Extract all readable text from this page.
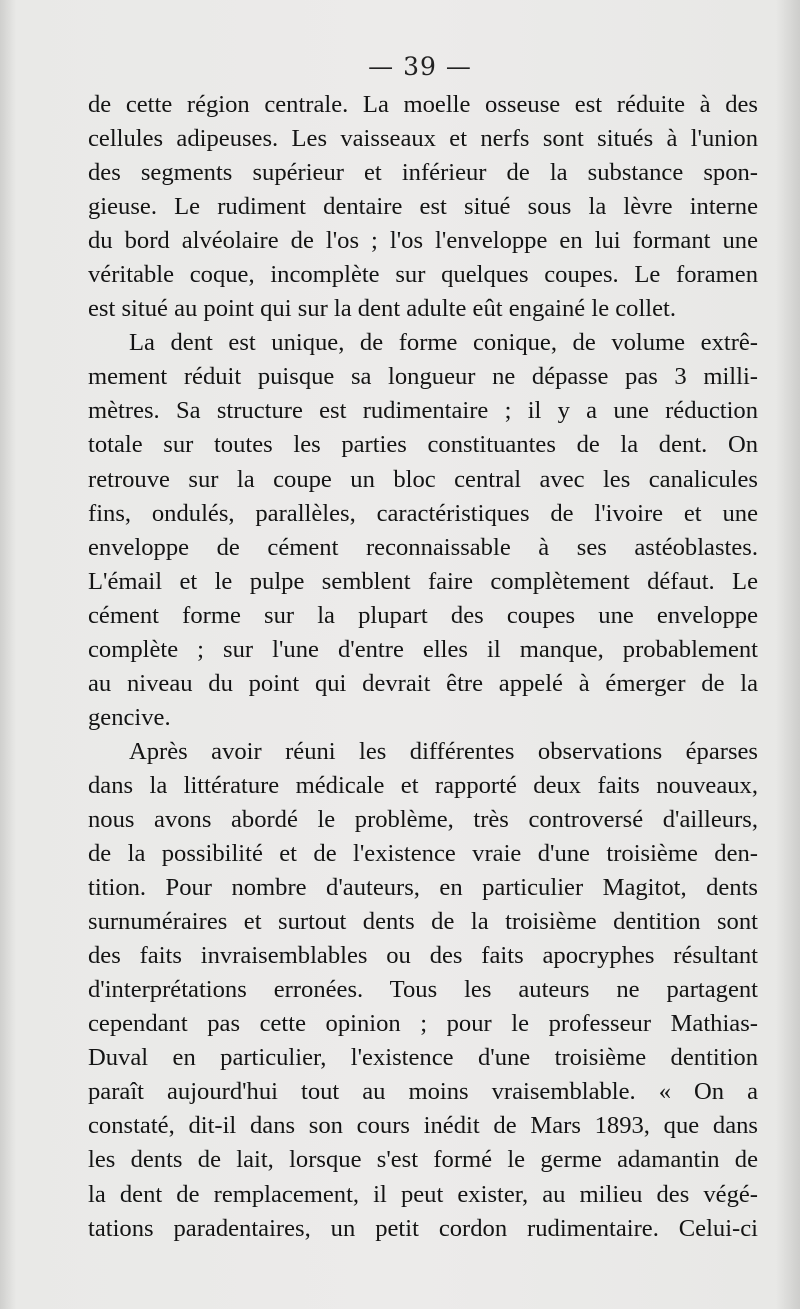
— 39 —
de cette région centrale. La moelle osseuse est réduite à des
cellules adipeuses. Les vaisseaux et nerfs sont situés à l'union
des segments supérieur et inférieur de la substance spon-
gieuse. Le rudiment dentaire est situé sous la lèvre interne
du bord alvéolaire de l'os ; l'os l'enveloppe en lui formant une
véritable coque, incomplète sur quelques coupes. Le foramen
est situé au point qui sur la dent adulte eût engainé le collet.
La dent est unique, de forme conique, de volume extrê-
mement réduit puisque sa longueur ne dépasse pas 3 milli-
mètres. Sa structure est rudimentaire ; il y a une réduction
totale sur toutes les parties constituantes de la dent. On
retrouve sur la coupe un bloc central avec les canalicules
fins, ondulés, parallèles, caractéristiques de l'ivoire et une
enveloppe de cément reconnaissable à ses astéoblastes.
L'émail et le pulpe semblent faire complètement défaut. Le
cément forme sur la plupart des coupes une enveloppe
complète ; sur l'une d'entre elles il manque, probablement
au niveau du point qui devrait être appelé à émerger de la
gencive.
Après avoir réuni les différentes observations éparses
dans la littérature médicale et rapporté deux faits nouveaux,
nous avons abordé le problème, très controversé d'ailleurs,
de la possibilité et de l'existence vraie d'une troisième den-
tition. Pour nombre d'auteurs, en particulier Magitot, dents
surnuméraires et surtout dents de la troisième dentition sont
des faits invraisemblables ou des faits apocryphes résultant
d'interprétations erronées. Tous les auteurs ne partagent
cependant pas cette opinion ; pour le professeur Mathias-
Duval en particulier, l'existence d'une troisième dentition
paraît aujourd'hui tout au moins vraisemblable. « On a
constaté, dit-il dans son cours inédit de Mars 1893, que dans
les dents de lait, lorsque s'est formé le germe adamantin de
la dent de remplacement, il peut exister, au milieu des végé-
tations paradentaires, un petit cordon rudimentaire. Celui-ci
